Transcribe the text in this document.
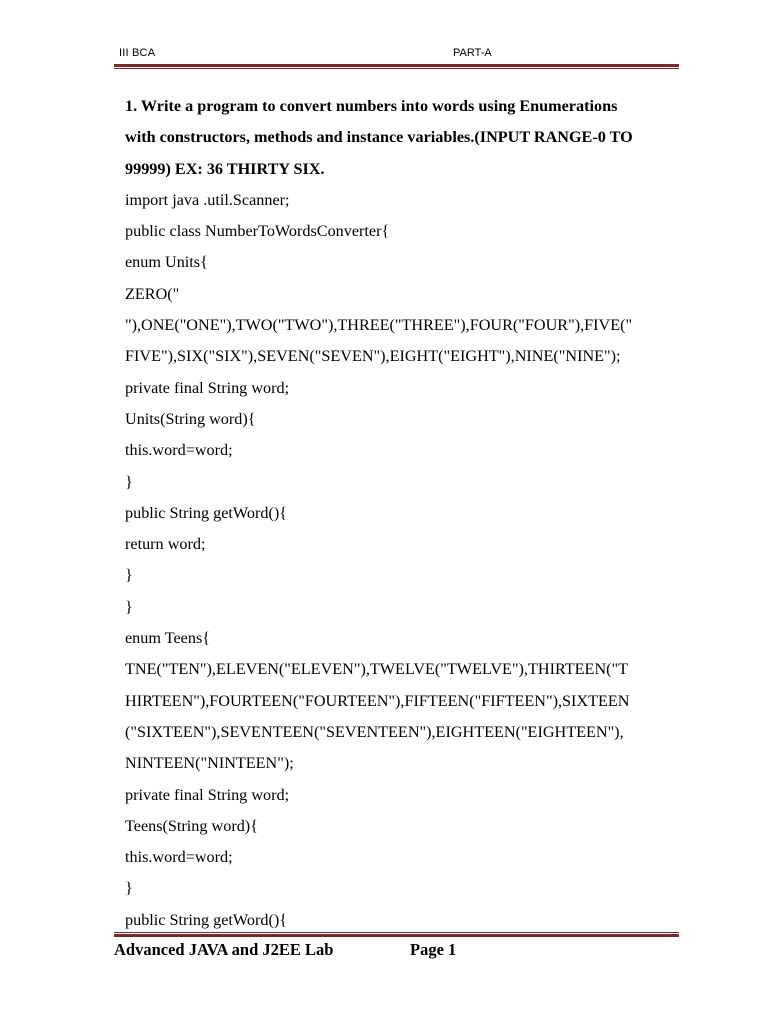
III BCA	PART-A
1. Write a program to convert numbers into words using Enumerations
with constructors, methods and instance variables.(INPUT RANGE-0 TO
99999) EX: 36 THIRTY SIX.
import java .util.Scanner;
public class NumberToWordsConverter{
enum Units{
ZERO("
"),ONE("ONE"),TWO("TWO"),THREE("THREE"),FOUR("FOUR"),FIVE("
FIVE"),SIX("SIX"),SEVEN("SEVEN"),EIGHT("EIGHT"),NINE("NINE");
private final String word;
Units(String word){
this.word=word;
}
public String getWord(){
return word;
}
}
enum Teens{
TNE("TEN"),ELEVEN("ELEVEN"),TWELVE("TWELVE"),THIRTEEN("T
HIRTEEN"),FOURTEEN("FOURTEEN"),FIFTEEN("FIFTEEN"),SIXTEEN
("SIXTEEN"),SEVENTEEN("SEVENTEEN"),EIGHTEEN("EIGHTEEN"),
NINTEEN("NINTEEN");
private final String word;
Teens(String word){
this.word=word;
}
public String getWord(){
Advanced JAVA and J2EE Lab	Page 1
